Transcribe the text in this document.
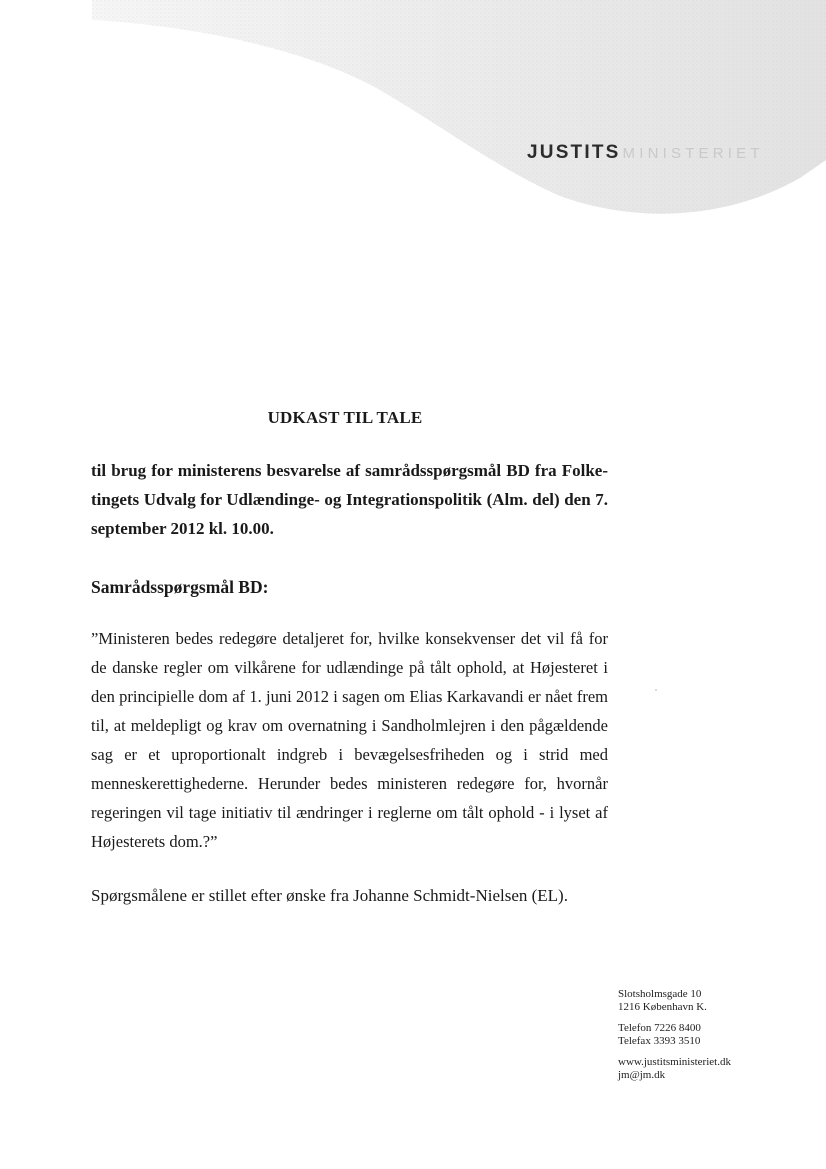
JUSTITS MINISTERIET
UDKAST TIL TALE

til brug for ministerens besvarelse af samrådsspørgsmål BD fra Folke-tingets Udvalg for Udlændinge- og Integrationspolitik (Alm. del) den 7. september 2012 kl. 10.00.

Samrådsspørgsmål BD:

”Ministeren bedes redegøre detaljeret for, hvilke konsekvenser det vil få for de danske regler om vilkårene for udlændinge på tålt ophold, at Højesteret i den principielle dom af 1. juni 2012 i sagen om Elias Karkavandi er nået frem til, at meldepligt og krav om overnatning i Sandholmlejren i den pågældende sag er et uproportionalt indgreb i bevægelsesfriheden og i strid med menneskerettighederne. Herunder bedes ministeren redegøre for, hvornår regeringen vil tage initiativ til ændringer i reglerne om tålt ophold - i lyset af Højesterets dom.?”

Spørgsmålene er stillet efter ønske fra Johanne Schmidt-Nielsen (EL).
Slotsholmsgade 10
1216 København K.
Telefon 7226 8400
Telefax 3393 3510
www.justitsministeriet.dk
jm@jm.dk
